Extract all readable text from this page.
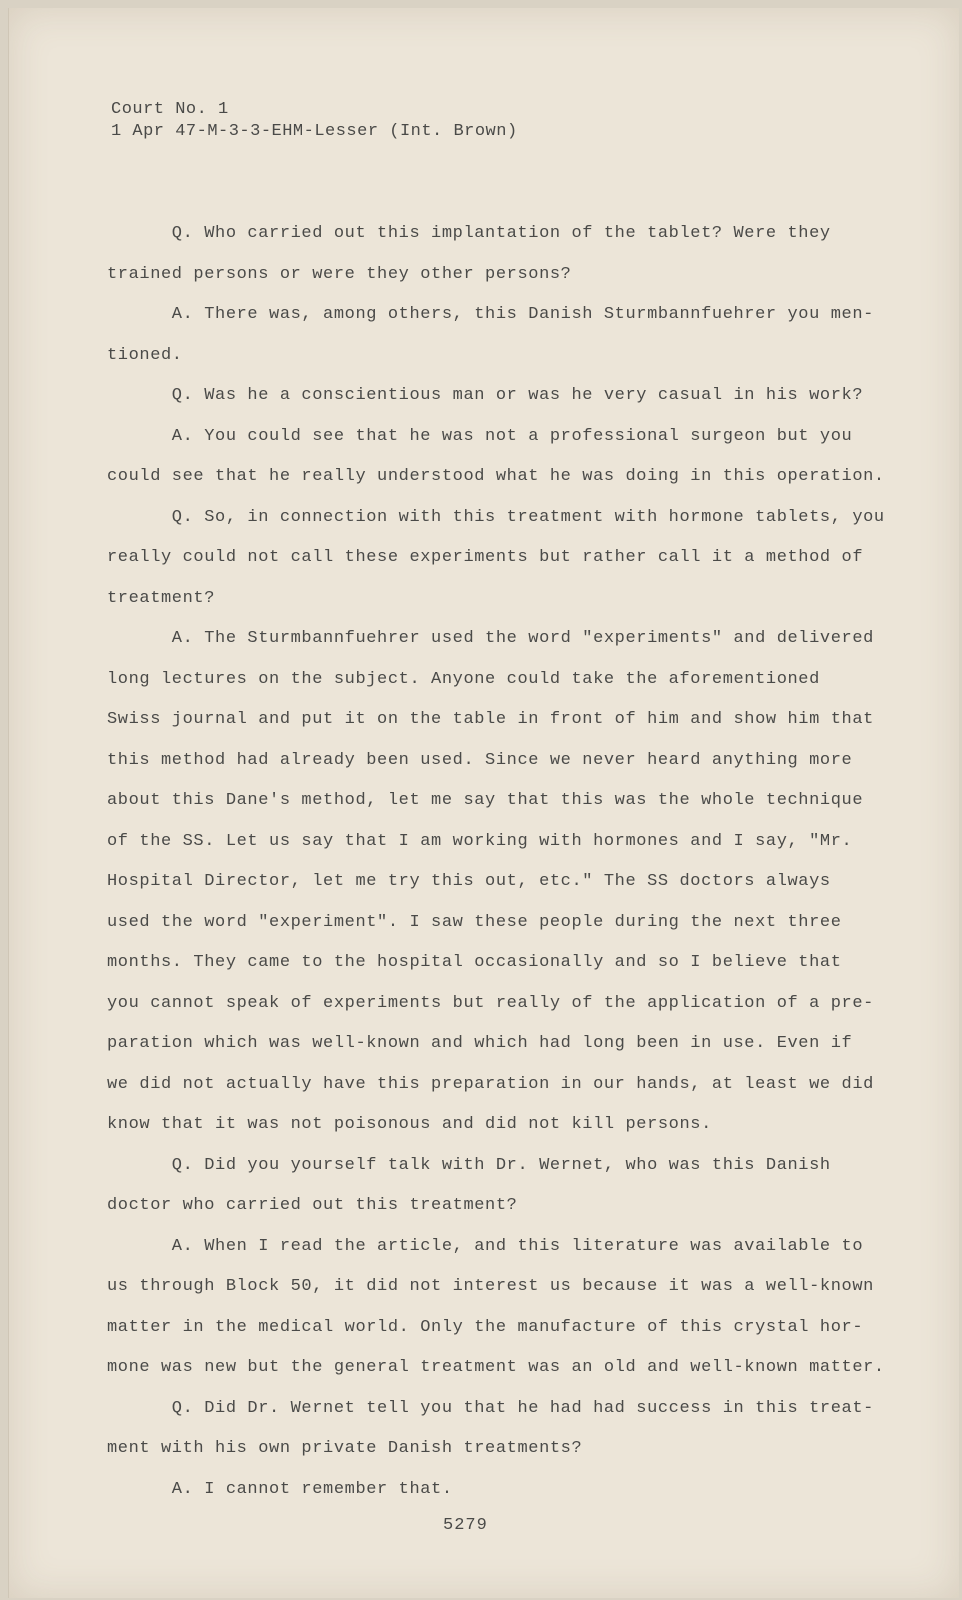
Court No. 1
1 Apr 47-M-3-3-EHM-Lesser (Int. Brown)
Q. Who carried out this implantation of the tablet? Were they
trained persons or were they other persons?
A. There was, among others, this Danish Sturmbannfuehrer you men-
tioned.
Q. Was he a conscientious man or was he very casual in his work?
A. You could see that he was not a professional surgeon but you
could see that he really understood what he was doing in this operation.
Q. So, in connection with this treatment with hormone tablets, you
really could not call these experiments but rather call it a method of
treatment?
A. The Sturmbannfuehrer used the word "experiments" and delivered
long lectures on the subject. Anyone could take the aforementioned
Swiss journal and put it on the table in front of him and show him that
this method had already been used. Since we never heard anything more
about this Dane's method, let me say that this was the whole technique
of the SS. Let us say that I am working with hormones and I say, "Mr.
Hospital Director, let me try this out, etc." The SS doctors always
used the word "experiment". I saw these people during the next three
months. They came to the hospital occasionally and so I believe that
you cannot speak of experiments but really of the application of a pre-
paration which was well-known and which had long been in use. Even if
we did not actually have this preparation in our hands, at least we did
know that it was not poisonous and did not kill persons.
Q. Did you yourself talk with Dr. Wernet, who was this Danish
doctor who carried out this treatment?
A. When I read the article, and this literature was available to
us through Block 50, it did not interest us because it was a well-known
matter in the medical world. Only the manufacture of this crystal hor-
mone was new but the general treatment was an old and well-known matter.
Q. Did Dr. Wernet tell you that he had had success in this treat-
ment with his own private Danish treatments?
A. I cannot remember that.
5279
